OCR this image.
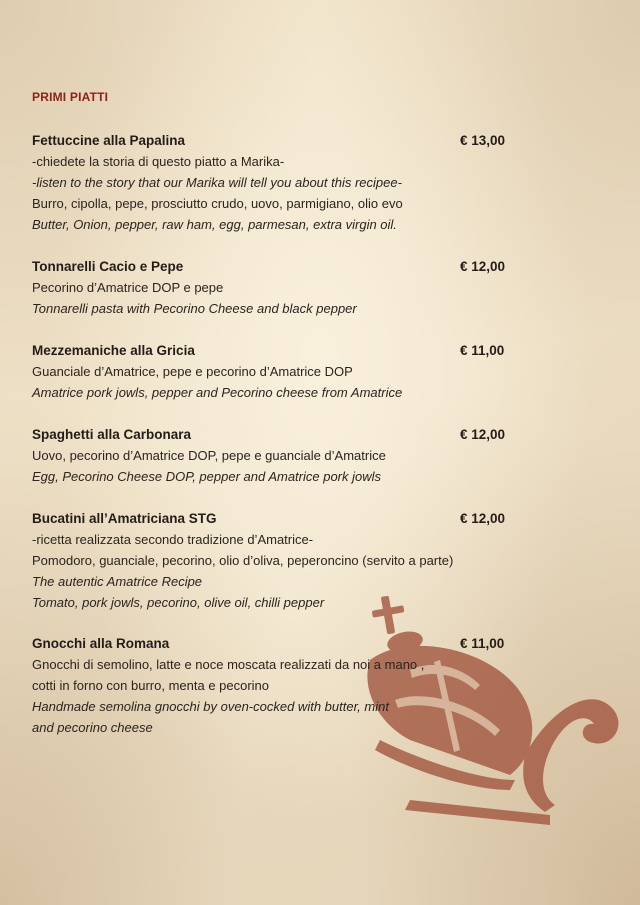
PRIMI PIATTI
Fettuccine alla Papalina	€ 13,00
-chiedete la storia di questo piatto a Marika-
-listen to the story that our Marika will tell you about this recipee-
Burro, cipolla, pepe, prosciutto crudo, uovo, parmigiano, olio evo
Butter, Onion, pepper, raw ham, egg, parmesan, extra virgin oil.
Tonnarelli Cacio e Pepe	€ 12,00
Pecorino d’Amatrice DOP e pepe
Tonnarelli pasta with Pecorino Cheese and black pepper
Mezzemaniche alla Gricia	€ 11,00
Guanciale d’Amatrice, pepe e pecorino d’Amatrice DOP
Amatrice pork jowls, pepper and Pecorino cheese from Amatrice
Spaghetti alla Carbonara	€ 12,00
Uovo, pecorino d’Amatrice DOP, pepe e guanciale d’Amatrice
Egg, Pecorino Cheese DOP, pepper and Amatrice pork jowls
Bucatini all’Amatriciana STG	€ 12,00
-ricetta realizzata secondo tradizione d’Amatrice-
Pomodoro, guanciale, pecorino, olio d’oliva, peperoncino (servito a parte)
The autentic Amatrice Recipe
Tomato, pork jowls, pecorino, olive oil, chilli pepper
Gnocchi alla Romana	€ 11,00
Gnocchi di semolino, latte e noce moscata realizzati da noi a mano ,
cotti in forno con burro, menta e pecorino
Handmade semolina gnocchi by oven-cocked with butter, mint
and pecorino cheese
